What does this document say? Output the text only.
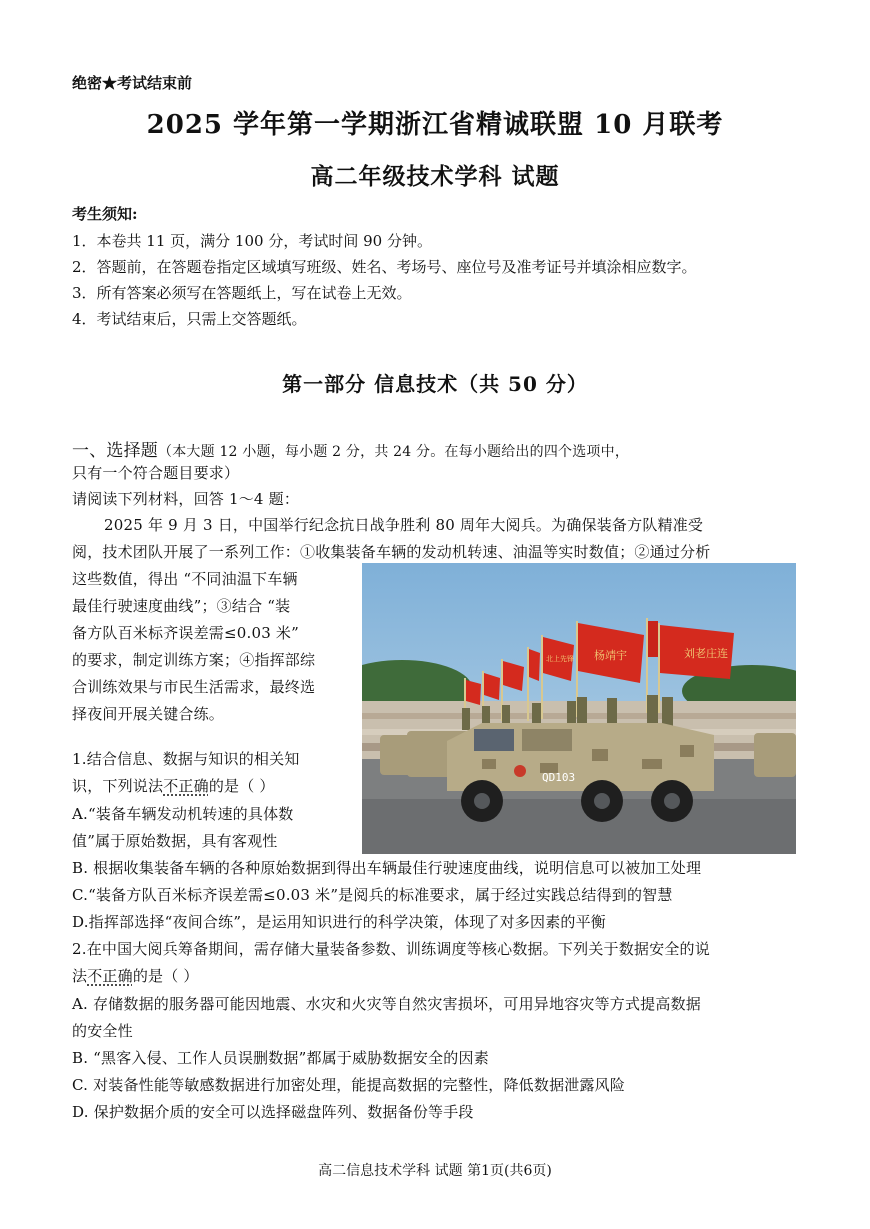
绝密★考试结束前
2025 学年第一学期浙江省精诚联盟 10 月联考
高二年级技术学科 试题
考生须知:
1．本卷共 11 页，满分 100 分，考试时间 90 分钟。
2．答题前，在答题卷指定区域填写班级、姓名、考场号、座位号及准考证号并填涂相应数字。
3．所有答案必须写在答题纸上，写在试卷上无效。
4．考试结束后，只需上交答题纸。
第一部分 信息技术（共 50 分）
一、选择题（本大题 12 小题，每小题 2 分，共 24 分。在每小题给出的四个选项中，
只有一个符合题目要求）
请阅读下列材料，回答 1～4 题：
2025 年 9 月 3 日，中国举行纪念抗日战争胜利 80 周年大阅兵。为确保装备方队精准受
阅，技术团队开展了一系列工作：①收集装备车辆的发动机转速、油温等实时数值；②通过分析
这些数值，得出 “不同油温下车辆
最佳行驶速度曲线”；③结合 “装
备方队百米标齐误差需≤0.03 米”
的要求，制定训练方案；④指挥部综
合训练效果与市民生活需求，最终选
择夜间开展关键合练。
杨靖宇	刘老庄连
北上先锋
QD103
1.结合信息、数据与知识的相关知
识，下列说法不正确的是（ ）
A.“装备车辆发动机转速的具体数
值”属于原始数据，具有客观性
B. 根据收集装备车辆的各种原始数据到得出车辆最佳行驶速度曲线，说明信息可以被加工处理
C.“装备方队百米标齐误差需≤0.03 米”是阅兵的标准要求，属于经过实践总结得到的智慧
D.指挥部选择“夜间合练”，是运用知识进行的科学决策，体现了对多因素的平衡
2.在中国大阅兵筹备期间，需存储大量装备参数、训练调度等核心数据。下列关于数据安全的说
法不正确的是（ ）
A. 存储数据的服务器可能因地震、水灾和火灾等自然灾害损坏，可用异地容灾等方式提高数据
的安全性
B. “黑客入侵、工作人员误删数据”都属于威胁数据安全的因素
C. 对装备性能等敏感数据进行加密处理，能提高数据的完整性，降低数据泄露风险
D. 保护数据介质的安全可以选择磁盘阵列、数据备份等手段
高二信息技术学科 试题 第1页(共6页)
